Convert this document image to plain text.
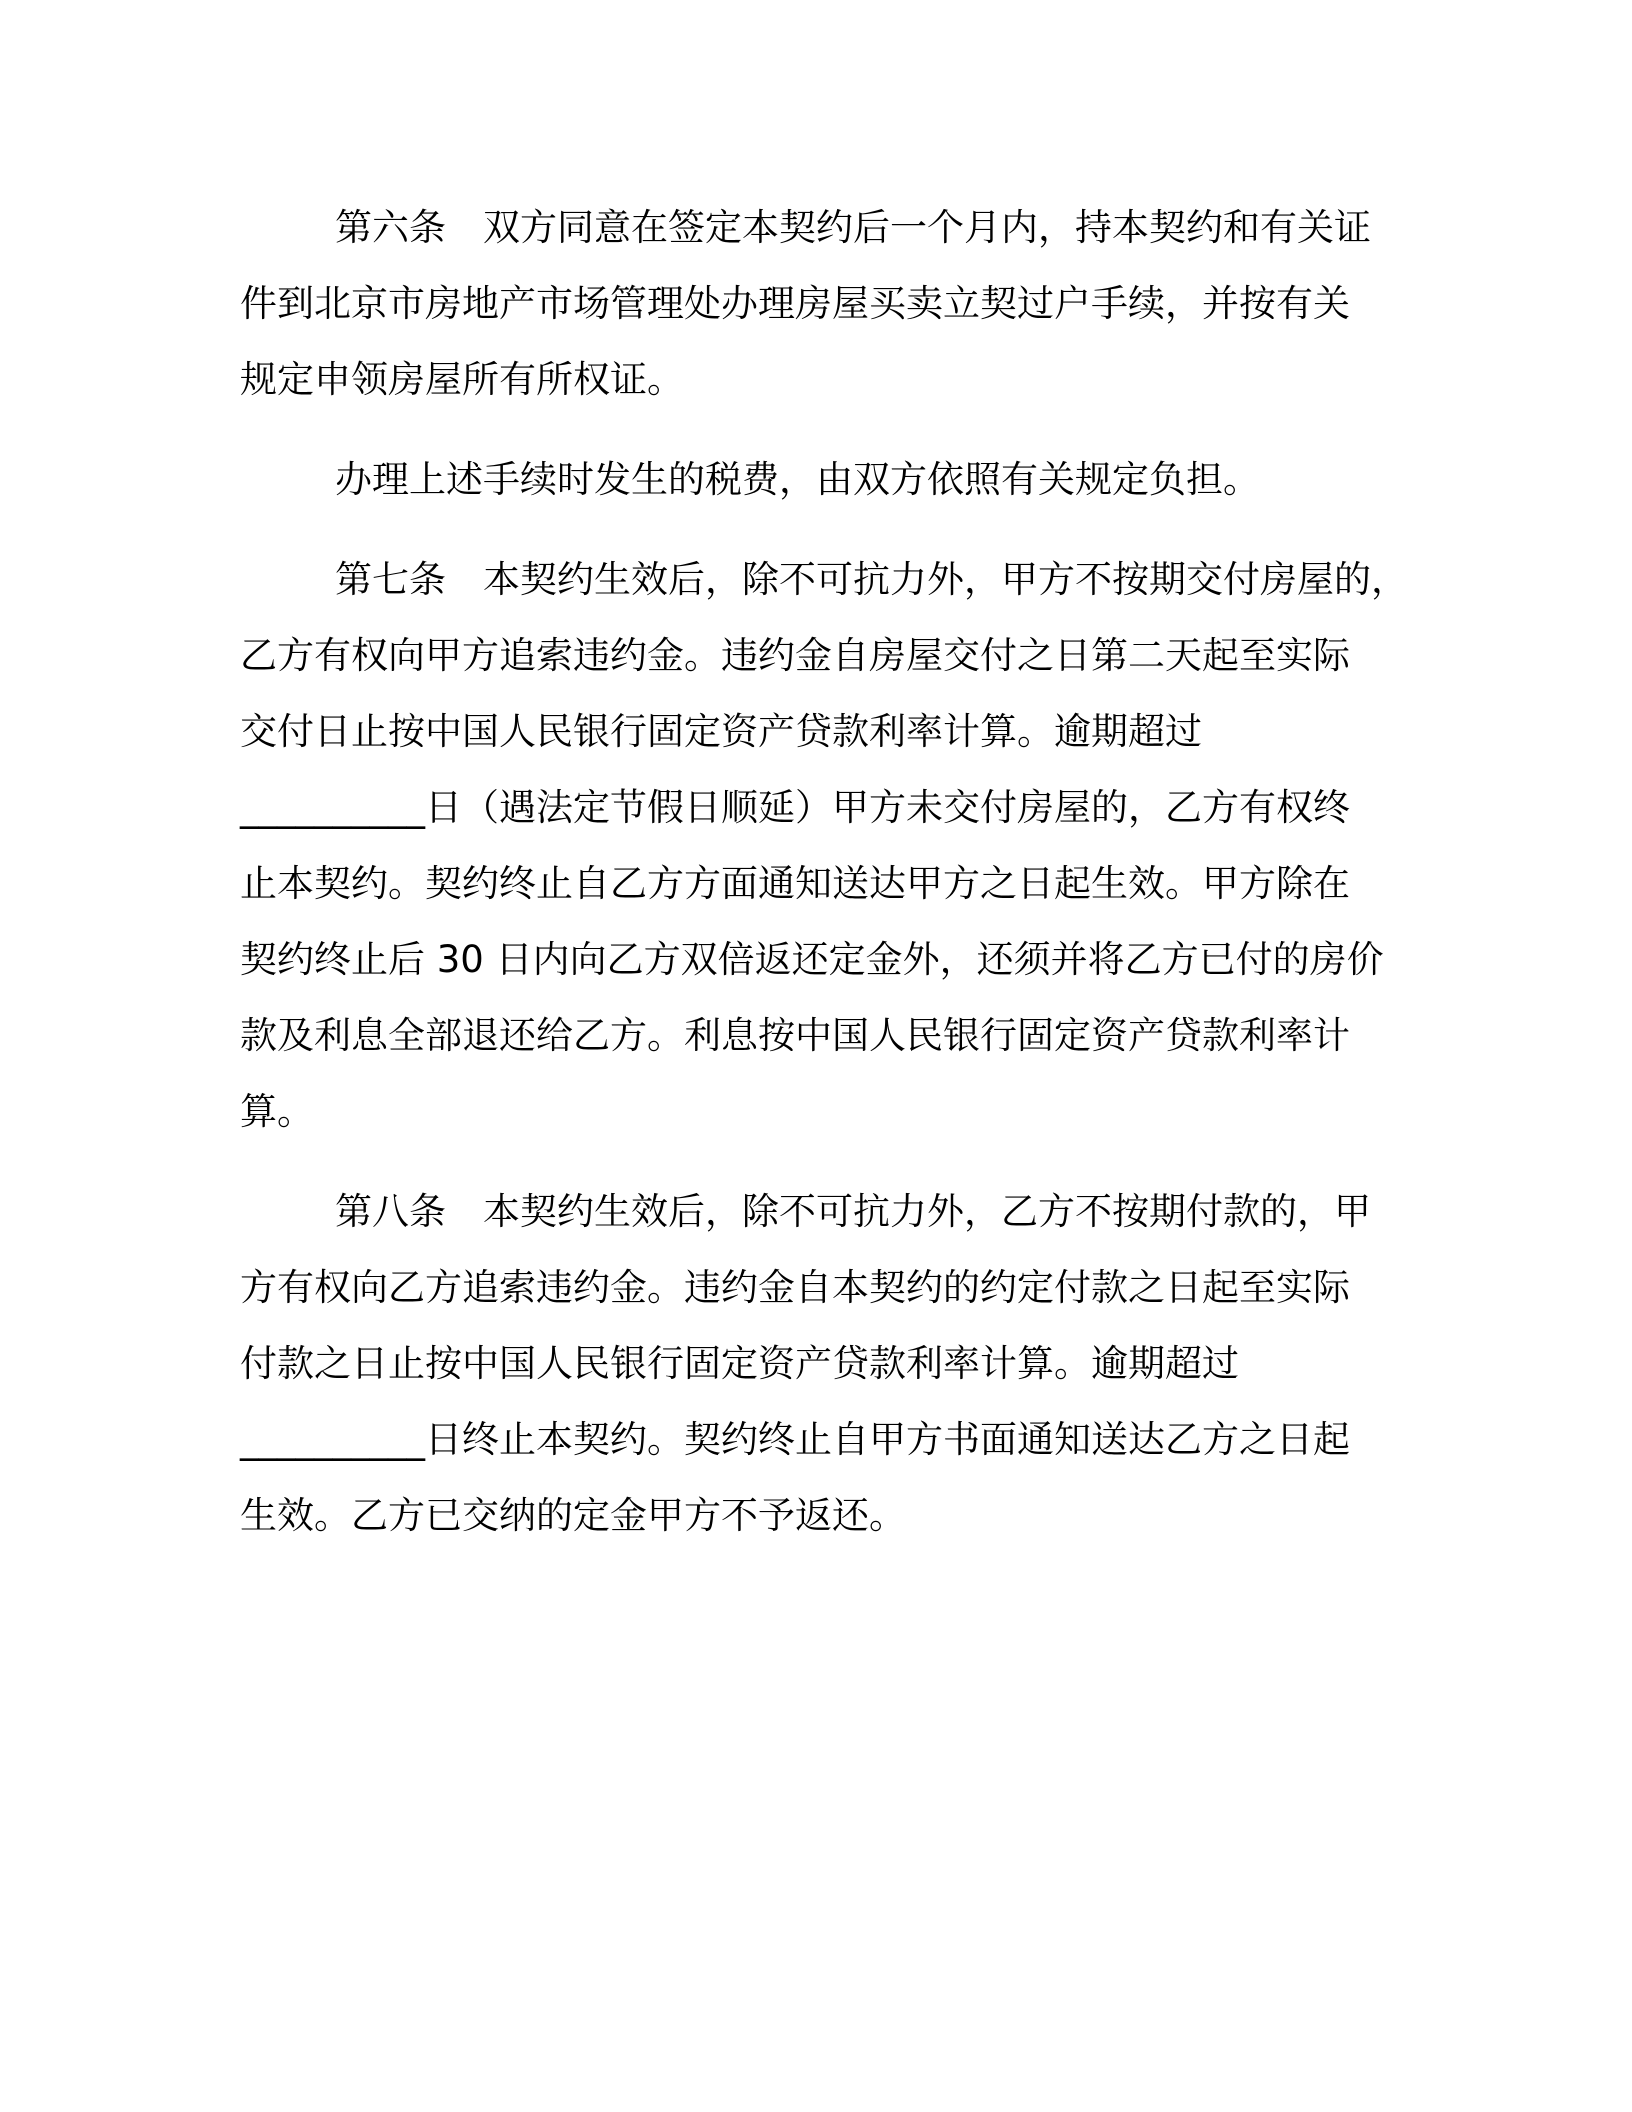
第六条 双方同意在签定本契约后一个月内，持本契约和有关证
件到北京市房地产市场管理处办理房屋买卖立契过户手续，并按有关
规定申领房屋所有所权证。
办理上述手续时发生的税费，由双方依照有关规定负担。
第七条 本契约生效后，除不可抗力外，甲方不按期交付房屋的，
乙方有权向甲方追索违约金。违约金自房屋交付之日第二天起至实际
交付日止按中国人民银行固定资产贷款利率计算。逾期超过
__________日（遇法定节假日顺延）甲方未交付房屋的，乙方有权终
止本契约。契约终止自乙方方面通知送达甲方之日起生效。甲方除在
契约终止后 30 日内向乙方双倍返还定金外，还须并将乙方已付的房价
款及利息全部退还给乙方。利息按中国人民银行固定资产贷款利率计
算。
第八条 本契约生效后，除不可抗力外，乙方不按期付款的，甲
方有权向乙方追索违约金。违约金自本契约的约定付款之日起至实际
付款之日止按中国人民银行固定资产贷款利率计算。逾期超过
__________日终止本契约。契约终止自甲方书面通知送达乙方之日起
生效。乙方已交纳的定金甲方不予返还。
